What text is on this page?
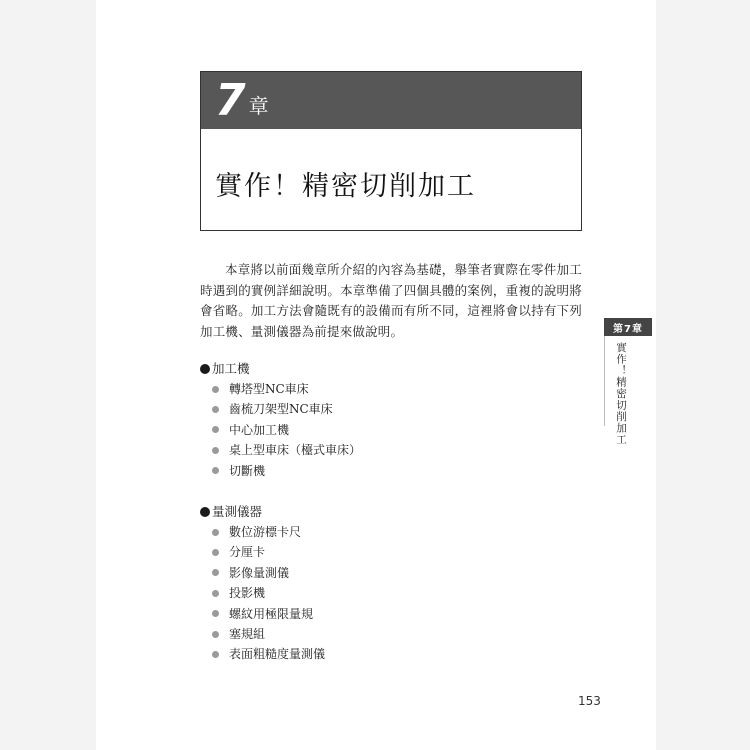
7 章
實作！精密切削加工

本章將以前面幾章所介紹的內容為基礎，舉筆者實際在零件加工時遇到的實例詳細說明。本章準備了四個具體的案例，重複的說明將會省略。加工方法會隨既有的設備而有所不同，這裡將會以持有下列加工機、量測儀器為前提來做說明。

加工機
轉塔型NC車床
齒梳刀架型NC車床
中心加工機
桌上型車床（檯式車床）
切斷機
量測儀器
數位游標卡尺
分厘卡
影像量測儀
投影機
螺紋用極限量規
塞規組
表面粗糙度量測儀
第7章
實作！精密切削加工
153
